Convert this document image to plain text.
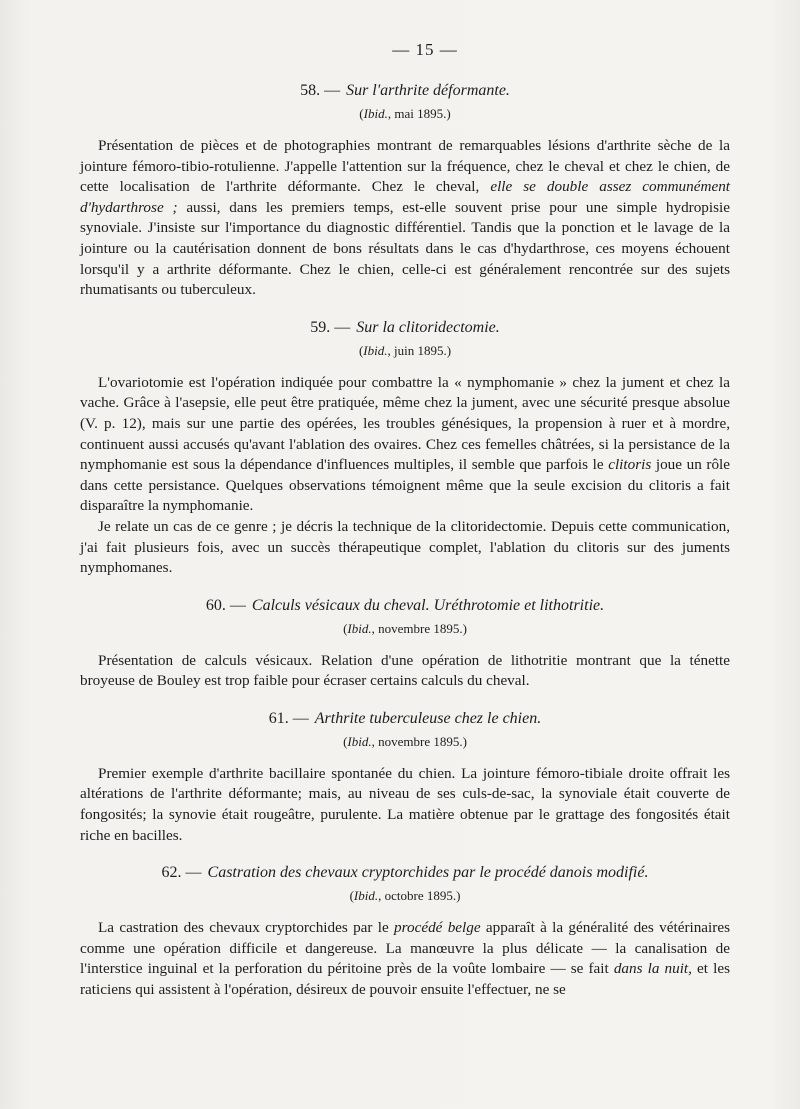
— 15 —

58. — Sur l'arthrite déformante.

(Ibid., mai 1895.)

Présentation de pièces et de photographies montrant de remarquables lésions d'arthrite sèche de la jointure fémoro-tibio-rotulienne. J'appelle l'attention sur la fréquence, chez le cheval et chez le chien, de cette localisation de l'arthrite déformante. Chez le cheval, elle se double assez communément d'hydarthrose ; aussi, dans les premiers temps, est-elle souvent prise pour une simple hydropisie synoviale. J'insiste sur l'importance du diagnostic différentiel. Tandis que la ponction et le lavage de la jointure ou la cautérisation donnent de bons résultats dans le cas d'hydarthrose, ces moyens échouent lorsqu'il y a arthrite déformante. Chez le chien, celle-ci est généralement rencontrée sur des sujets rhumatisants ou tuberculeux.

59. — Sur la clitoridectomie.

(Ibid., juin 1895.)

L'ovariotomie est l'opération indiquée pour combattre la « nymphomanie » chez la jument et chez la vache. Grâce à l'asepsie, elle peut être pratiquée, même chez la jument, avec une sécurité presque absolue (V. p. 12), mais sur une partie des opérées, les troubles génésiques, la propension à ruer et à mordre, continuent aussi accusés qu'avant l'ablation des ovaires. Chez ces femelles châtrées, si la persistance de la nymphomanie est sous la dépendance d'influences multiples, il semble que parfois le clitoris joue un rôle dans cette persistance. Quelques observations témoignent même que la seule excision du clitoris a fait disparaître la nymphomanie.

Je relate un cas de ce genre ; je décris la technique de la clitoridectomie. Depuis cette communication, j'ai fait plusieurs fois, avec un succès thérapeutique complet, l'ablation du clitoris sur des juments nymphomanes.

60. — Calculs vésicaux du cheval. Uréthrotomie et lithotritie.

(Ibid., novembre 1895.)

Présentation de calculs vésicaux. Relation d'une opération de lithotritie montrant que la ténette broyeuse de Bouley est trop faible pour écraser certains calculs du cheval.

61. — Arthrite tuberculeuse chez le chien.

(Ibid., novembre 1895.)

Premier exemple d'arthrite bacillaire spontanée du chien. La jointure fémoro-tibiale droite offrait les altérations de l'arthrite déformante; mais, au niveau de ses culs-de-sac, la synoviale était couverte de fongosités; la synovie était rougeâtre, purulente. La matière obtenue par le grattage des fongosités était riche en bacilles.

62. — Castration des chevaux cryptorchides par le procédé danois modifié.

(Ibid., octobre 1895.)

La castration des chevaux cryptorchides par le procédé belge apparaît à la généralité des vétérinaires comme une opération difficile et dangereuse. La manœuvre la plus délicate — la canalisation de l'interstice inguinal et la perforation du péritoine près de la voûte lombaire — se fait dans la nuit, et les raticiens qui assistent à l'opération, désireux de pouvoir ensuite l'effectuer, ne se
